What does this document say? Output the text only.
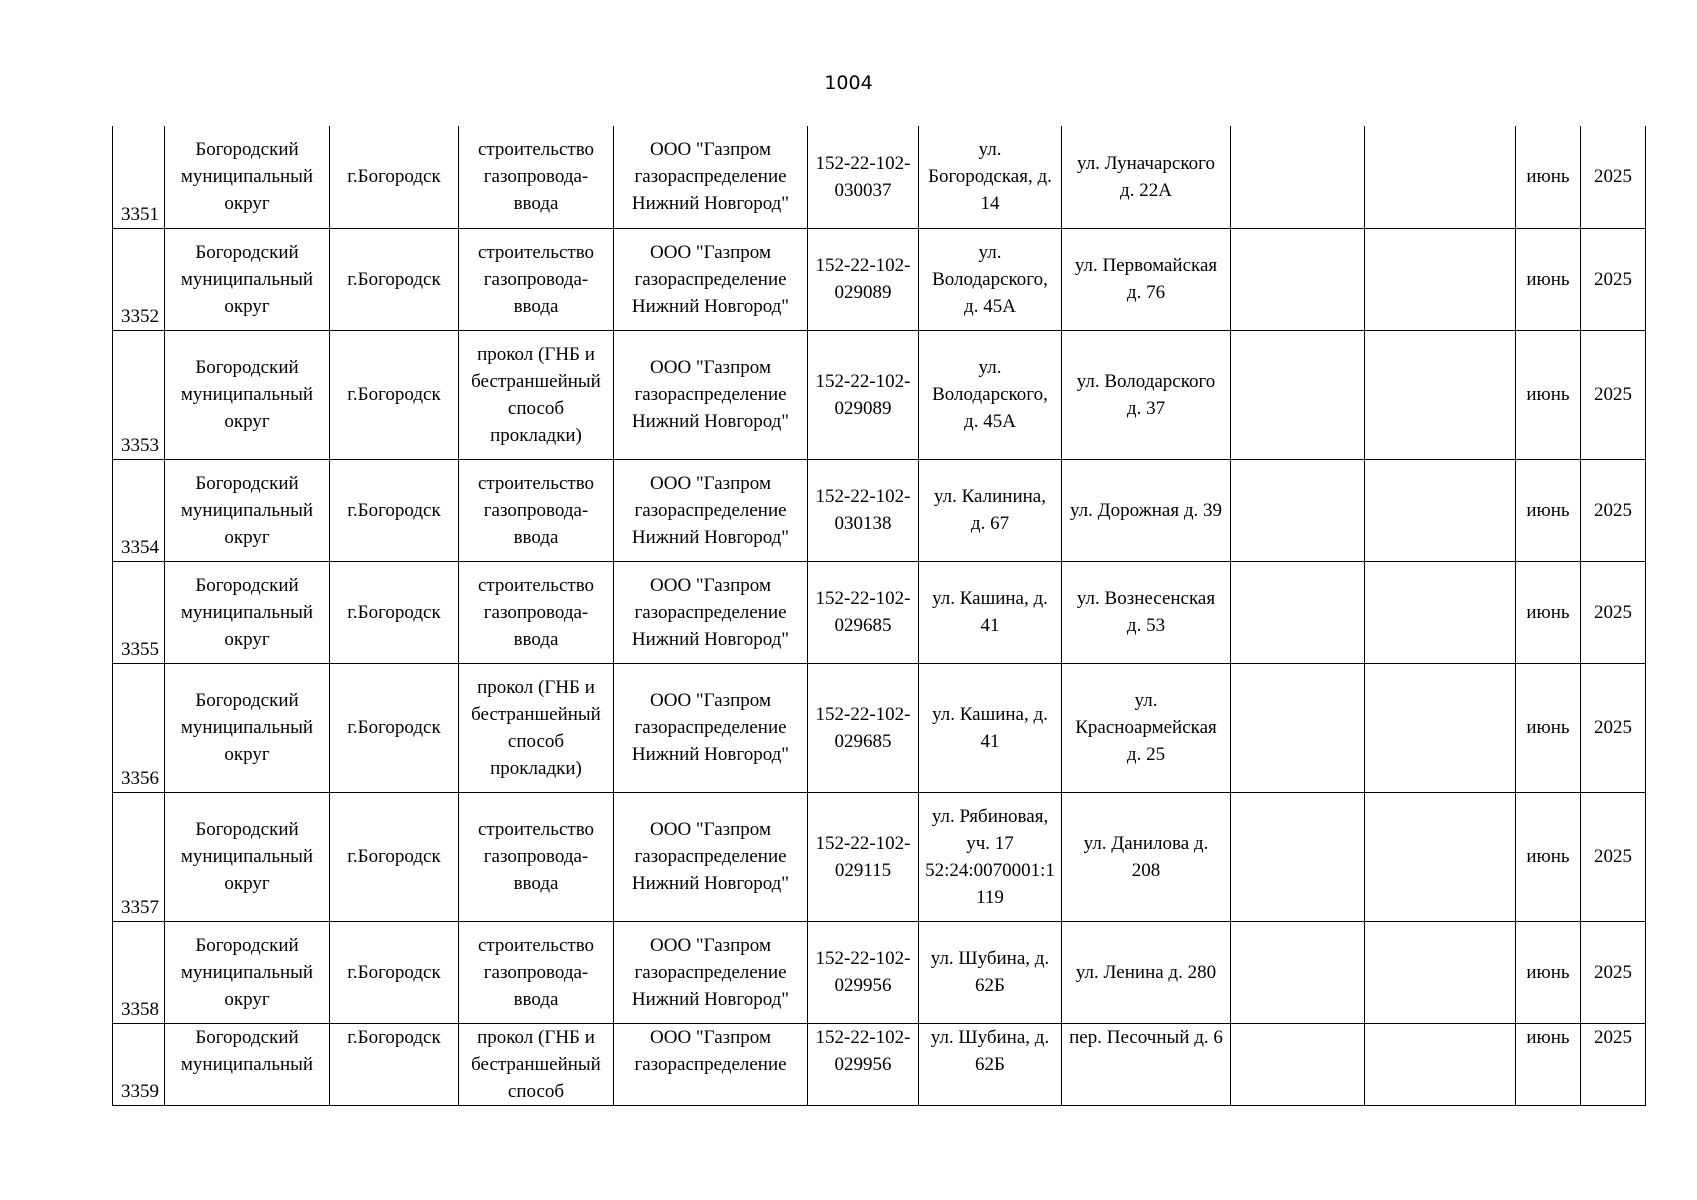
1004
3351	Богородский
муниципальный
округ	г.Богородск	строительство
газопровода-
ввода	ООО "Газпром
газораспределение
Нижний Новгород"	152-22-102-
030037	ул.
Богородская, д.
14	ул. Луначарского
д. 22А			июнь	2025

3352	Богородский
муниципальный
округ	г.Богородск	строительство
газопровода-
ввода	ООО "Газпром
газораспределение
Нижний Новгород"	152-22-102-
029089	ул.
Володарского,
д. 45А	ул. Первомайская
д. 76			июнь	2025

3353	Богородский
муниципальный
округ	г.Богородск	прокол (ГНБ и
бестраншейный
способ
прокладки)	ООО "Газпром
газораспределение
Нижний Новгород"	152-22-102-
029089	ул.
Володарского,
д. 45А	ул. Володарского
д. 37			июнь	2025

3354	Богородский
муниципальный
округ	г.Богородск	строительство
газопровода-
ввода	ООО "Газпром
газораспределение
Нижний Новгород"	152-22-102-
030138	ул. Калинина,
д. 67	ул. Дорожная д. 39			июнь	2025

3355	Богородский
муниципальный
округ	г.Богородск	строительство
газопровода-
ввода	ООО "Газпром
газораспределение
Нижний Новгород"	152-22-102-
029685	ул. Кашина, д.
41	ул. Вознесенская
д. 53			июнь	2025

3356	Богородский
муниципальный
округ	г.Богородск	прокол (ГНБ и
бестраншейный
способ
прокладки)	ООО "Газпром
газораспределение
Нижний Новгород"	152-22-102-
029685	ул. Кашина, д.
41	ул.
Красноармейская
д. 25			июнь	2025

3357	Богородский
муниципальный
округ	г.Богородск	строительство
газопровода-
ввода	ООО "Газпром
газораспределение
Нижний Новгород"	152-22-102-
029115	ул. Рябиновая,
уч. 17
52:24:0070001:1
119	ул. Данилова д.
208			июнь	2025

3358	Богородский
муниципальный
округ	г.Богородск	строительство
газопровода-
ввода	ООО "Газпром
газораспределение
Нижний Новгород"	152-22-102-
029956	ул. Шубина, д.
62Б	ул. Ленина д. 280			июнь	2025

3359	Богородский
муниципальный	г.Богородск	прокол (ГНБ и
бестраншейный
способ	ООО "Газпром
газораспределение	152-22-102-
029956	ул. Шубина, д.
62Б	пер. Песочный д. 6			июнь	2025
